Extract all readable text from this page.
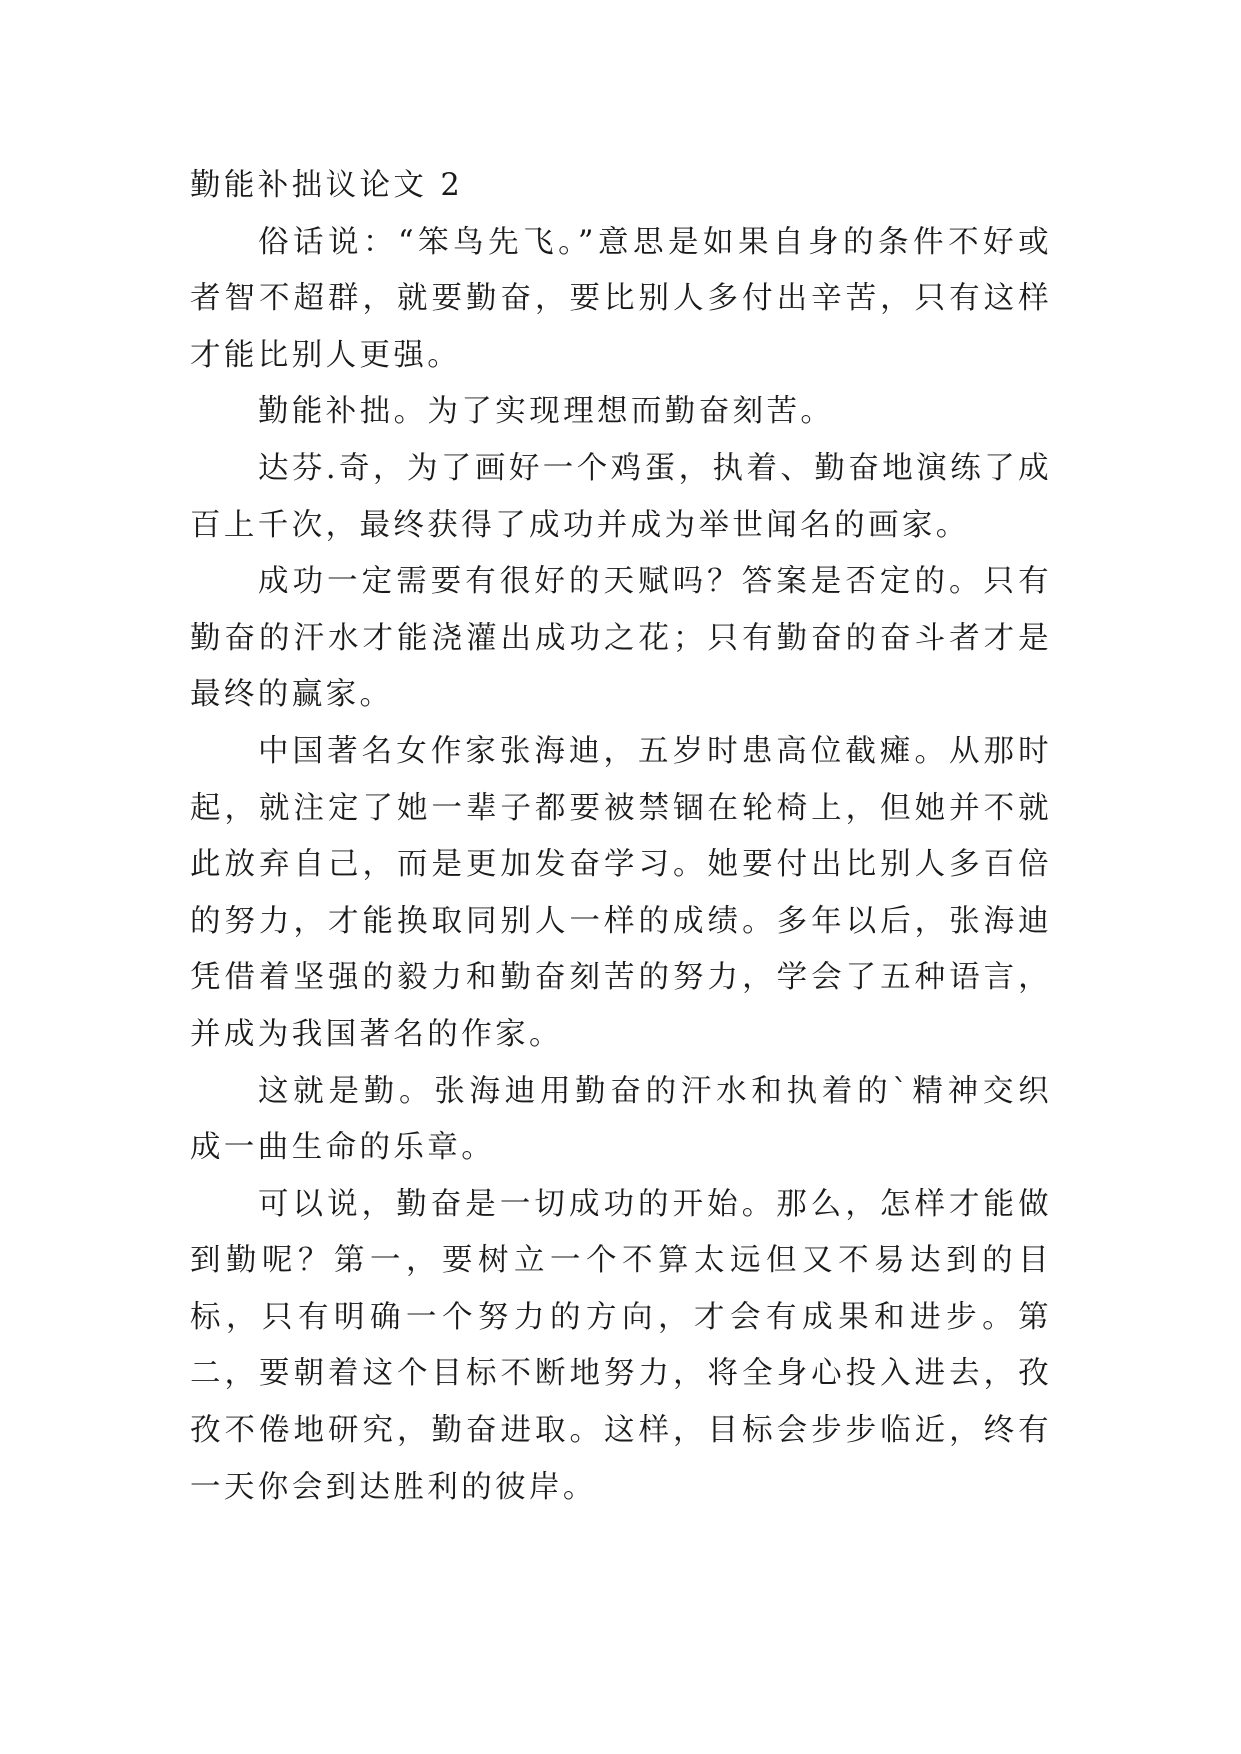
勤能补拙议论文 2

俗话说：“笨鸟先飞。”意思是如果自身的条件不好或者智不超群，就要勤奋，要比别人多付出辛苦，只有这样才能比别人更强。

勤能补拙。为了实现理想而勤奋刻苦。

达芬.奇，为了画好一个鸡蛋，执着、勤奋地演练了成百上千次，最终获得了成功并成为举世闻名的画家。

成功一定需要有很好的天赋吗？答案是否定的。只有勤奋的汗水才能浇灌出成功之花；只有勤奋的奋斗者才是最终的赢家。

中国著名女作家张海迪，五岁时患高位截瘫。从那时起，就注定了她一辈子都要被禁锢在轮椅上，但她并不就此放弃自己，而是更加发奋学习。她要付出比别人多百倍的努力，才能换取同别人一样的成绩。多年以后，张海迪凭借着坚强的毅力和勤奋刻苦的努力，学会了五种语言，并成为我国著名的作家。

这就是勤。张海迪用勤奋的汗水和执着的`精神交织成一曲生命的乐章。

可以说，勤奋是一切成功的开始。那么，怎样才能做到勤呢？第一，要树立一个不算太远但又不易达到的目标，只有明确一个努力的方向，才会有成果和进步。第二，要朝着这个目标不断地努力，将全身心投入进去，孜孜不倦地研究，勤奋进取。这样，目标会步步临近，终有一天你会到达胜利的彼岸。
